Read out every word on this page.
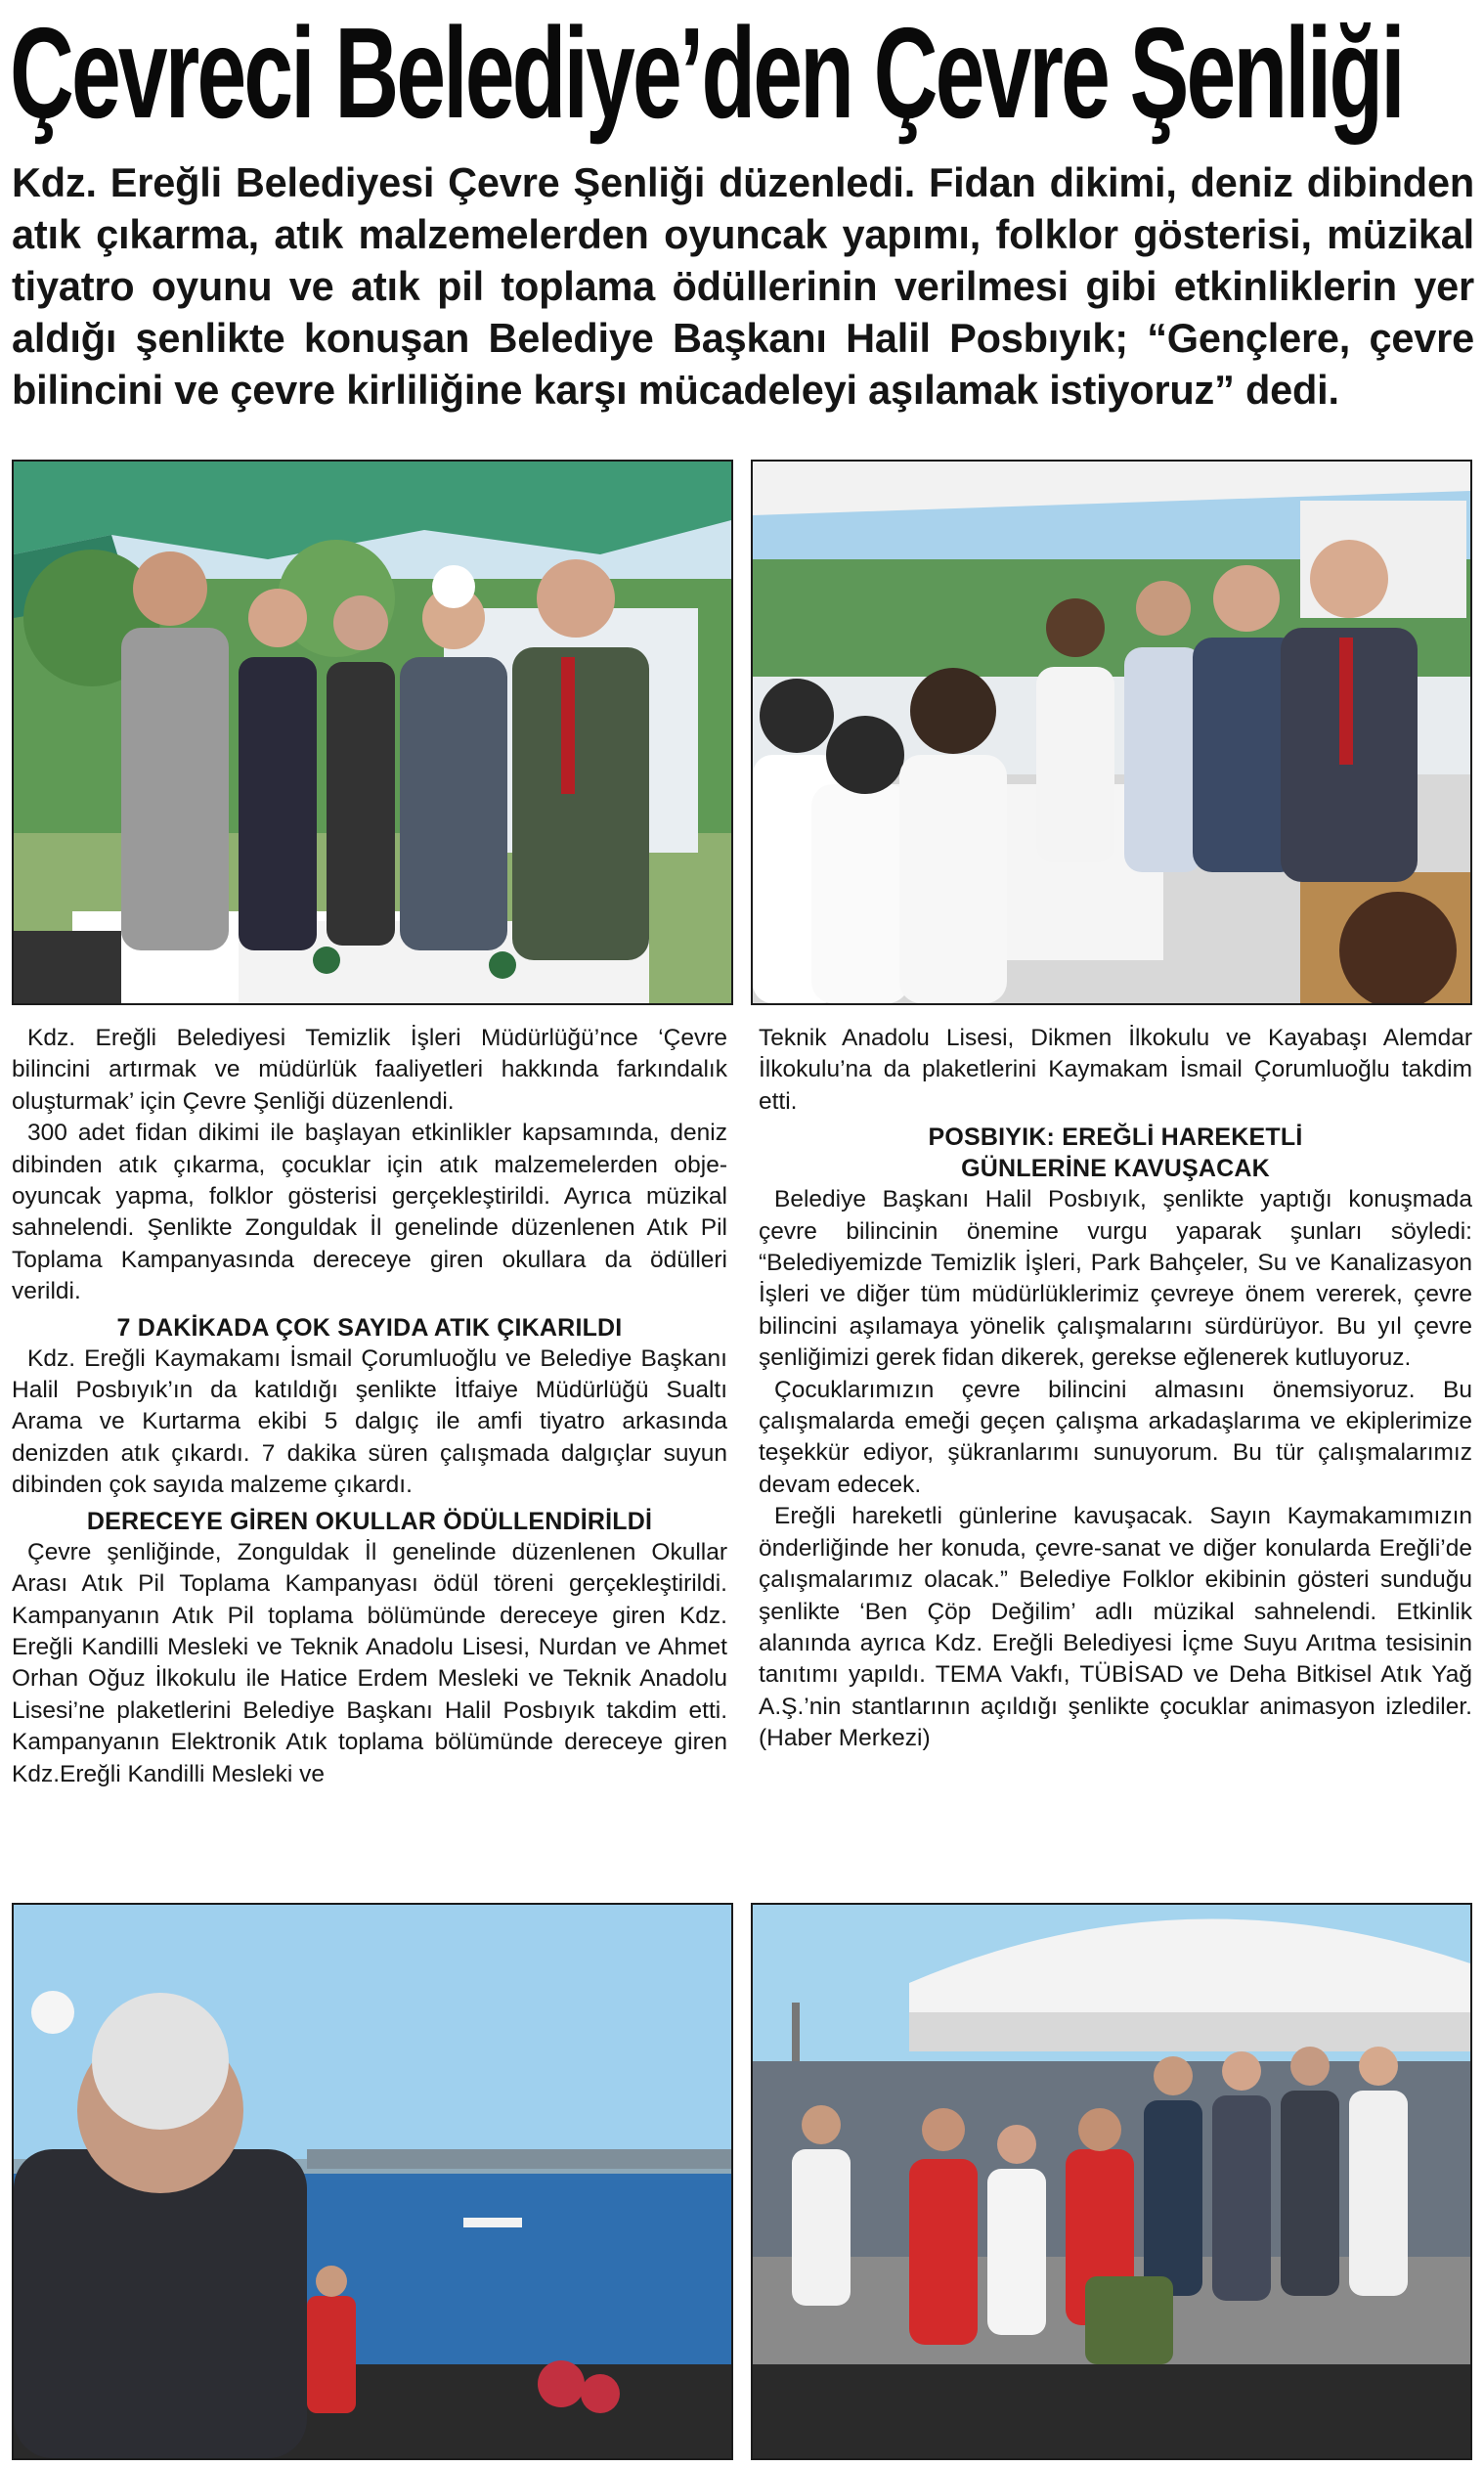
Çevreci Belediye’den Çevre Şenliği
Kdz. Ereğli Belediyesi Çevre Şenliği düzenledi. Fidan dikimi, deniz dibinden atık çıkarma, atık malzemelerden oyuncak yapımı, folklor gösterisi, müzikal tiyatro oyunu ve atık pil toplama ödüllerinin verilmesi gibi etkinliklerin yer aldığı şenlikte konuşan Belediye Başkanı Halil Posbıyık; “Gençlere, çevre bilincini ve çevre kirliliğine karşı mücadeleyi aşılamak istiyoruz” dedi.

Kdz. Ereğli Belediyesi Temizlik İşleri Müdürlüğü’nce ‘Çevre bilincini artırmak ve müdürlük faaliyetleri hakkında farkındalık oluşturmak’ için Çevre Şenliği düzenlendi.

300 adet fidan dikimi ile başlayan etkinlikler kapsamında, deniz dibinden atık çıkarma, çocuklar için atık malzemelerden obje-oyuncak yapma, folklor gösterisi gerçekleştirildi. Ayrıca müzikal sahnelendi. Şenlikte Zonguldak İl genelinde düzenlenen Atık Pil Toplama Kampanyasında dereceye giren okullara da ödülleri verildi.

7 DAKİKADA ÇOK SAYIDA ATIK ÇIKARILDI

Kdz. Ereğli Kaymakamı İsmail Çorumluoğlu ve Belediye Başkanı Halil Posbıyık’ın da katıldığı şenlikte İtfaiye Müdürlüğü Sualtı Arama ve Kurtarma ekibi 5 dalgıç ile amfi tiyatro arkasında denizden atık çıkardı. 7 dakika süren çalışmada dalgıçlar suyun dibinden çok sayıda malzeme çıkardı.

DERECEYE GİREN OKULLAR ÖDÜLLENDİRİLDİ

Çevre şenliğinde, Zonguldak İl genelinde düzenlenen Okullar Arası Atık Pil Toplama Kampanyası ödül töreni gerçekleştirildi. Kampanyanın Atık Pil toplama bölümünde dereceye giren Kdz. Ereğli Kandilli Mesleki ve Teknik Anadolu Lisesi, Nurdan ve Ahmet Orhan Oğuz İlkokulu ile Hatice Erdem Mesleki ve Teknik Anadolu Lisesi’ne plaketlerini Belediye Başkanı Halil Posbıyık takdim etti. Kampanyanın Elektronik Atık toplama bölümünde dereceye giren Kdz.Ereğli Kandilli Mesleki ve

Teknik Anadolu Lisesi, Dikmen İlkokulu ve Kayabaşı Alemdar İlkokulu’na da plaketlerini Kaymakam İsmail Çorumluoğlu takdim etti.

POSBIYIK: EREĞLİ HAREKETLİ
GÜNLERİNE KAVUŞACAK

Belediye Başkanı Halil Posbıyık, şenlikte yaptığı konuşmada çevre bilincinin önemine vurgu yaparak şunları söyledi: “Belediyemizde Temizlik İşleri, Park Bahçeler, Su ve Kanalizasyon İşleri ve diğer tüm müdürlüklerimiz çevreye önem vererek, çevre bilincini aşılamaya yönelik çalışmalarını sürdürüyor. Bu yıl çevre şenliğimizi gerek fidan dikerek, gerekse eğlenerek kutluyoruz.

Çocuklarımızın çevre bilincini almasını önemsiyoruz. Bu çalışmalarda emeği geçen çalışma arkadaşlarıma ve ekiplerimize teşekkür ediyor, şükranlarımı sunuyorum. Bu tür çalışmalarımız devam edecek.

Ereğli hareketli günlerine kavuşacak. Sayın Kaymakamımızın önderliğinde her konuda, çevre-sanat ve diğer konularda Ereğli’de çalışmalarımız olacak.” Belediye Folklor ekibinin gösteri sunduğu şenlikte ‘Ben Çöp Değilim’ adlı müzikal sahnelendi. Etkinlik alanında ayrıca Kdz. Ereğli Belediyesi İçme Suyu Arıtma tesisinin tanıtımı yapıldı. TEMA Vakfı, TÜBİSAD ve Deha Bitkisel Atık Yağ A.Ş.’nin stantlarının açıldığı şenlikte çocuklar animasyon izlediler. (Haber Merkezi)
